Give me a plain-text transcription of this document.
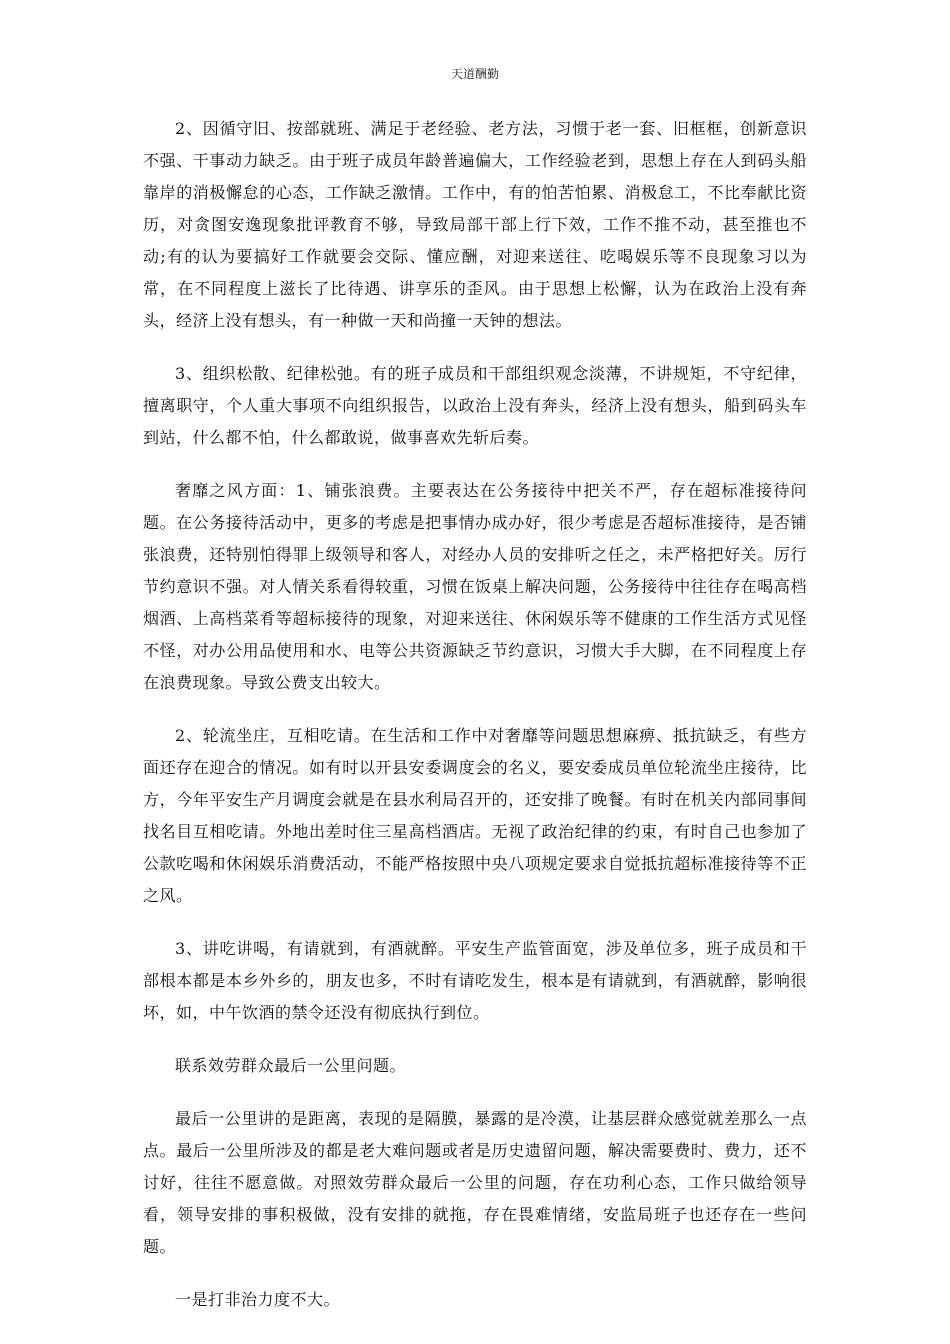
天道酬勤

2、因循守旧、按部就班、满足于老经验、老方法，习惯于老一套、旧框框，创新意识不强、干事动力缺乏。由于班子成员年龄普遍偏大，工作经验老到，思想上存在人到码头船靠岸的消极懈怠的心态，工作缺乏激情。工作中，有的怕苦怕累、消极怠工，不比奉献比资历，对贪图安逸现象批评教育不够，导致局部干部上行下效，工作不推不动，甚至推也不动;有的认为要搞好工作就要会交际、懂应酬，对迎来送往、吃喝娱乐等不良现象习以为常，在不同程度上滋长了比待遇、讲享乐的歪风。由于思想上松懈，认为在政治上没有奔头，经济上没有想头，有一种做一天和尚撞一天钟的想法。

3、组织松散、纪律松弛。有的班子成员和干部组织观念淡薄，不讲规矩，不守纪律，擅离职守，个人重大事项不向组织报告，以政治上没有奔头，经济上没有想头，船到码头车到站，什么都不怕，什么都敢说，做事喜欢先斩后奏。

奢靡之风方面：1、铺张浪费。主要表达在公务接待中把关不严，存在超标准接待问题。在公务接待活动中，更多的考虑是把事情办成办好，很少考虑是否超标准接待，是否铺张浪费，还特别怕得罪上级领导和客人，对经办人员的安排听之任之，未严格把好关。厉行节约意识不强。对人情关系看得较重，习惯在饭桌上解决问题，公务接待中往往存在喝高档烟酒、上高档菜肴等超标接待的现象，对迎来送往、休闲娱乐等不健康的工作生活方式见怪不怪，对办公用品使用和水、电等公共资源缺乏节约意识，习惯大手大脚，在不同程度上存在浪费现象。导致公费支出较大。

2、轮流坐庄，互相吃请。在生活和工作中对奢靡等问题思想麻痹、抵抗缺乏，有些方面还存在迎合的情况。如有时以开县安委调度会的名义，要安委成员单位轮流坐庄接待，比方，今年平安生产月调度会就是在县水利局召开的，还安排了晚餐。有时在机关内部同事间找名目互相吃请。外地出差时住三星高档酒店。无视了政治纪律的约束，有时自己也参加了公款吃喝和休闲娱乐消费活动，不能严格按照中央八项规定要求自觉抵抗超标准接待等不正之风。

3、讲吃讲喝，有请就到，有酒就醉。平安生产监管面宽，涉及单位多，班子成员和干部根本都是本乡外乡的，朋友也多，不时有请吃发生，根本是有请就到，有酒就醉，影响很坏，如，中午饮酒的禁令还没有彻底执行到位。

联系效劳群众最后一公里问题。

最后一公里讲的是距离，表现的是隔膜，暴露的是冷漠，让基层群众感觉就差那么一点点。最后一公里所涉及的都是老大难问题或者是历史遗留问题，解决需要费时、费力，还不讨好，往往不愿意做。对照效劳群众最后一公里的问题，存在功利心态，工作只做给领导看，领导安排的事积极做，没有安排的就拖，存在畏难情绪，安监局班子也还存在一些问题。

一是打非治力度不大。
